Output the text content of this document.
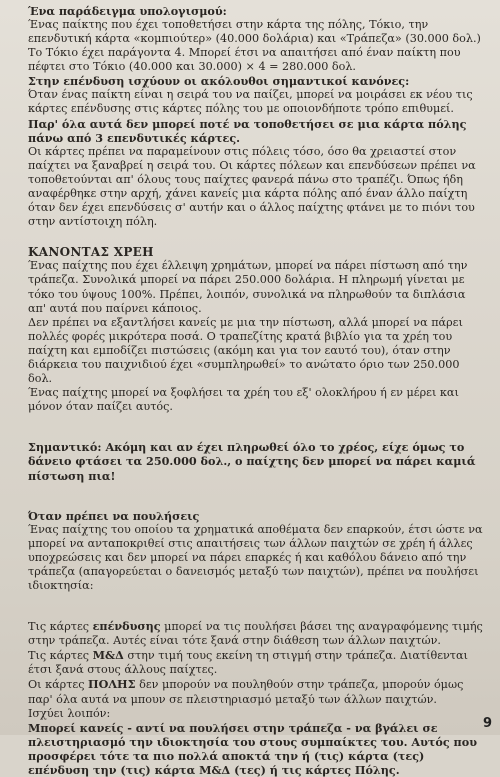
Ένα παράδειγμα υπολογισμού:

Ένας παίκτης που έχει τοποθετήσει στην κάρτα της πόλης, Τόκιο, την επενδυτική κάρτα «κομπιούτερ» (40.000 δολάρια) και «Τράπεζα» (30.000 δολ.) Το Τόκιο έχει παράγοντα 4. Μπορεί έτσι να απαιτήσει από έναν παίκτη που πέφτει στο Τόκιο (40.000 και 30.000) × 4 = 280.000 δολ.

Στην επένδυση ισχύουν οι ακόλουθοι σημαντικοί κανόνες:

Όταν ένας παίκτη είναι η σειρά του να παίζει, μπορεί να μοιράσει εκ νέου τις κάρτες επένδυσης στις κάρτες πόλης του με οποιονδήποτε τρόπο επιθυμεί.

Παρ' όλα αυτά δεν μπορεί ποτέ να τοποθετήσει σε μια κάρτα πόλης πάνω από 3 επενδυτικές κάρτες.

Οι κάρτες πρέπει να παραμείνουν στις πόλεις τόσο, όσο θα χρειαστεί στον παίχτει να ξαναβρεί η σειρά του. Οι κάρτες πόλεων και επενδύσεων πρέπει να τοποθετούνται απ' όλους τους παίχτες φανερά πάνω στο τραπέζι. Όπως ήδη αναφέρθηκε στην αρχή, χάνει κανείς μια κάρτα πόλης από έναν άλλο παίχτη όταν δεν έχει επενδύσεις σ' αυτήν και ο άλλος παίχτης φτάνει με το πιόνι του στην αντίστοιχη πόλη.

ΚΑΝΟΝΤΑΣ ΧΡΕΗ

Ένας παίχτης που έχει έλλειψη χρημάτων, μπορεί να πάρει πίστωση από την τράπεζα. Συνολικά μπορεί να πάρει 250.000 δολάρια. Η πληρωμή γίνεται με τόκο του ύψους 100%. Πρέπει, λοιπόν, συνολικά να πληρωθούν τα διπλάσια απ' αυτά που παίρνει κάποιος.

Δεν πρέπει να εξαντλήσει κανείς με μια την πίστωση, αλλά μπορεί να πάρει πολλές φορές μικρότερα ποσά. Ο τραπεζίτης κρατά βιβλίο για τα χρέη του παίχτη και εμποδίζει πιστώσεις (ακόμη και για τον εαυτό του), όταν στην διάρκεια του παιχνιδιού έχει «συμπληρωθεί» το ανώτατο όριο των 250.000 δολ.

Ένας παίχτης μπορεί να ξοφλήσει τα χρέη του εξ' ολοκλήρου ή εν μέρει και μόνον όταν παίζει αυτός.

Σημαντικό: Ακόμη και αν έχει πληρωθεί όλο το χρέος, είχε όμως το δάνειο φτάσει τα 250.000 δολ., ο παίχτης δεν μπορεί να πάρει καμιά πίστωση πια!

Όταν πρέπει να πουλήσεις

Ένας παίχτης του οποίου τα χρηματικά αποθέματα δεν επαρκούν, έτσι ώστε να μπορεί να ανταποκριθεί στις απαιτήσεις των άλλων παιχτών σε χρέη ή άλλες υποχρεώσεις και δεν μπορεί να πάρει επαρκές ή και καθόλου δάνειο από την τράπεζα (απαγορεύεται ο δανεισμός μεταξύ των παιχτών), πρέπει να πουλήσει ιδιοκτησία:

Τις κάρτες επένδυσης μπορεί να τις πουλήσει βάσει της αναγραφόμενης τιμής στην τράπεζα. Αυτές είναι τότε ξανά στην διάθεση των άλλων παιχτών.

Τις κάρτες Μ&Δ στην τιμή τους εκείνη τη στιγμή στην τράπεζα. Διατίθενται έτσι ξανά στους άλλους παίχτες.

Οι κάρτες ΠΟΛΗΣ δεν μπορούν να πουληθούν στην τράπεζα, μπορούν όμως παρ' όλα αυτά να μπουν σε πλειστηριασμό μεταξύ των άλλων παιχτών.

Ισχύει λοιπόν:

Μπορεί κανείς - αντί να πουλήσει στην τράπεζα - να βγάλει σε πλειστηριασμό την ιδιοκτησία του στους συμπαίκτες του. Αυτός που προσφέρει τότε τα πιο πολλά αποκτά την ή (τις) κάρτα (τες) επένδυση την (τις) κάρτα Μ&Δ (τες) ή τις κάρτες Πόλης.

9
